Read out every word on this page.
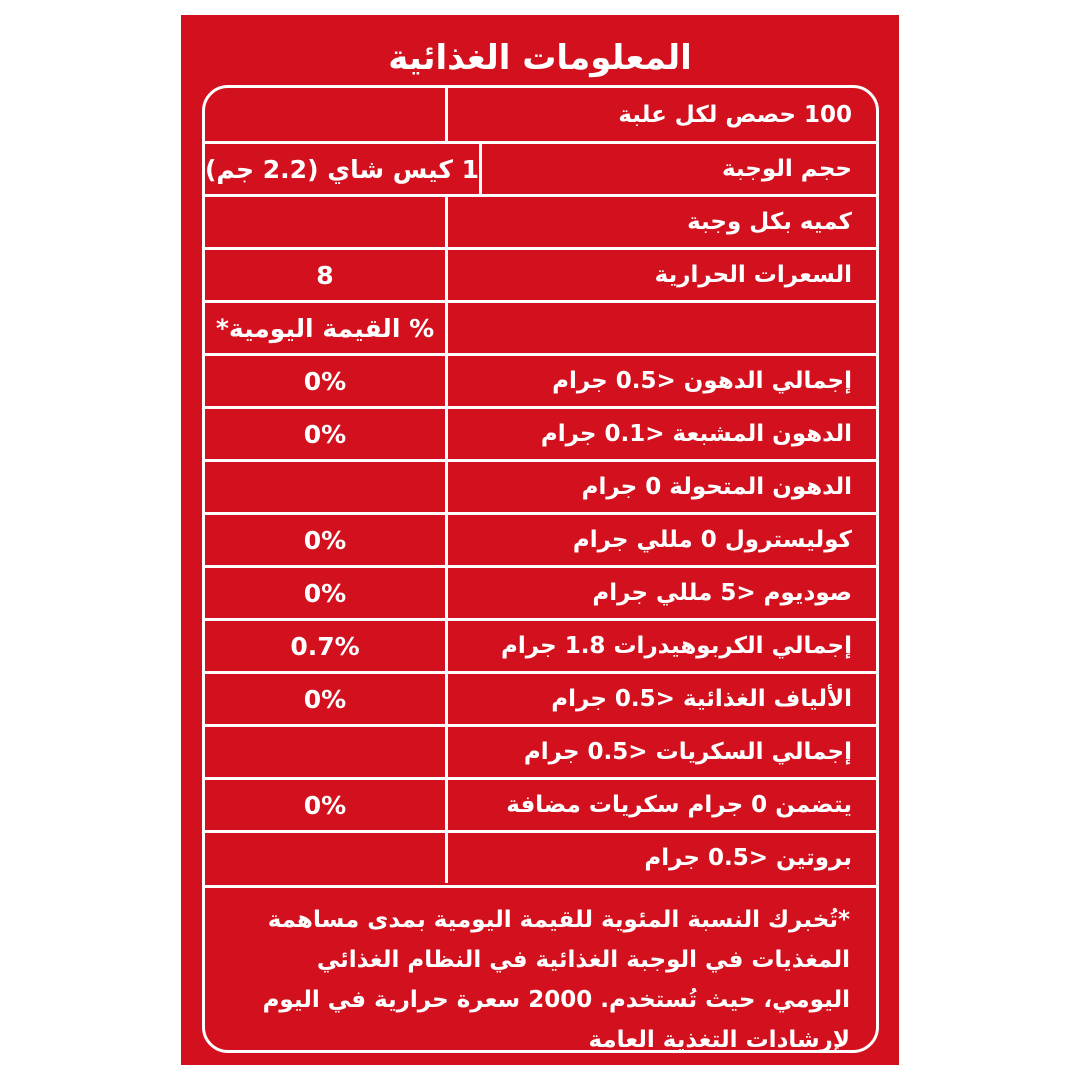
المعلومات الغذائية
100 حصص لكل علبة
حجم الوجبة
1 كيس شاي (2.2 جم)
كميه بكل وجبة
السعرات الحرارية
8
% القيمة اليومية*
إجمالي الدهون <0.5 جرام
0%
الدهون المشبعة <0.1 جرام
0%
الدهون المتحولة 0 جرام
كوليسترول 0 مللي جرام
0%
صوديوم <5 مللي جرام
0%
إجمالي الكربوهيدرات 1.8 جرام
0.7%
الألياف الغذائية <0.5 جرام
0%
إجمالي السكريات <0.5 جرام
يتضمن 0 جرام سكريات مضافة
0%
بروتين <0.5 جرام
*تُخبرك النسبة المئوية للقيمة اليومية بمدى مساهمة المغذيات في الوجبة الغذائية في النظام الغذائي اليومي، حيث تُستخدم. 2000 سعرة حرارية في اليوم لإرشادات التغذية العامة
